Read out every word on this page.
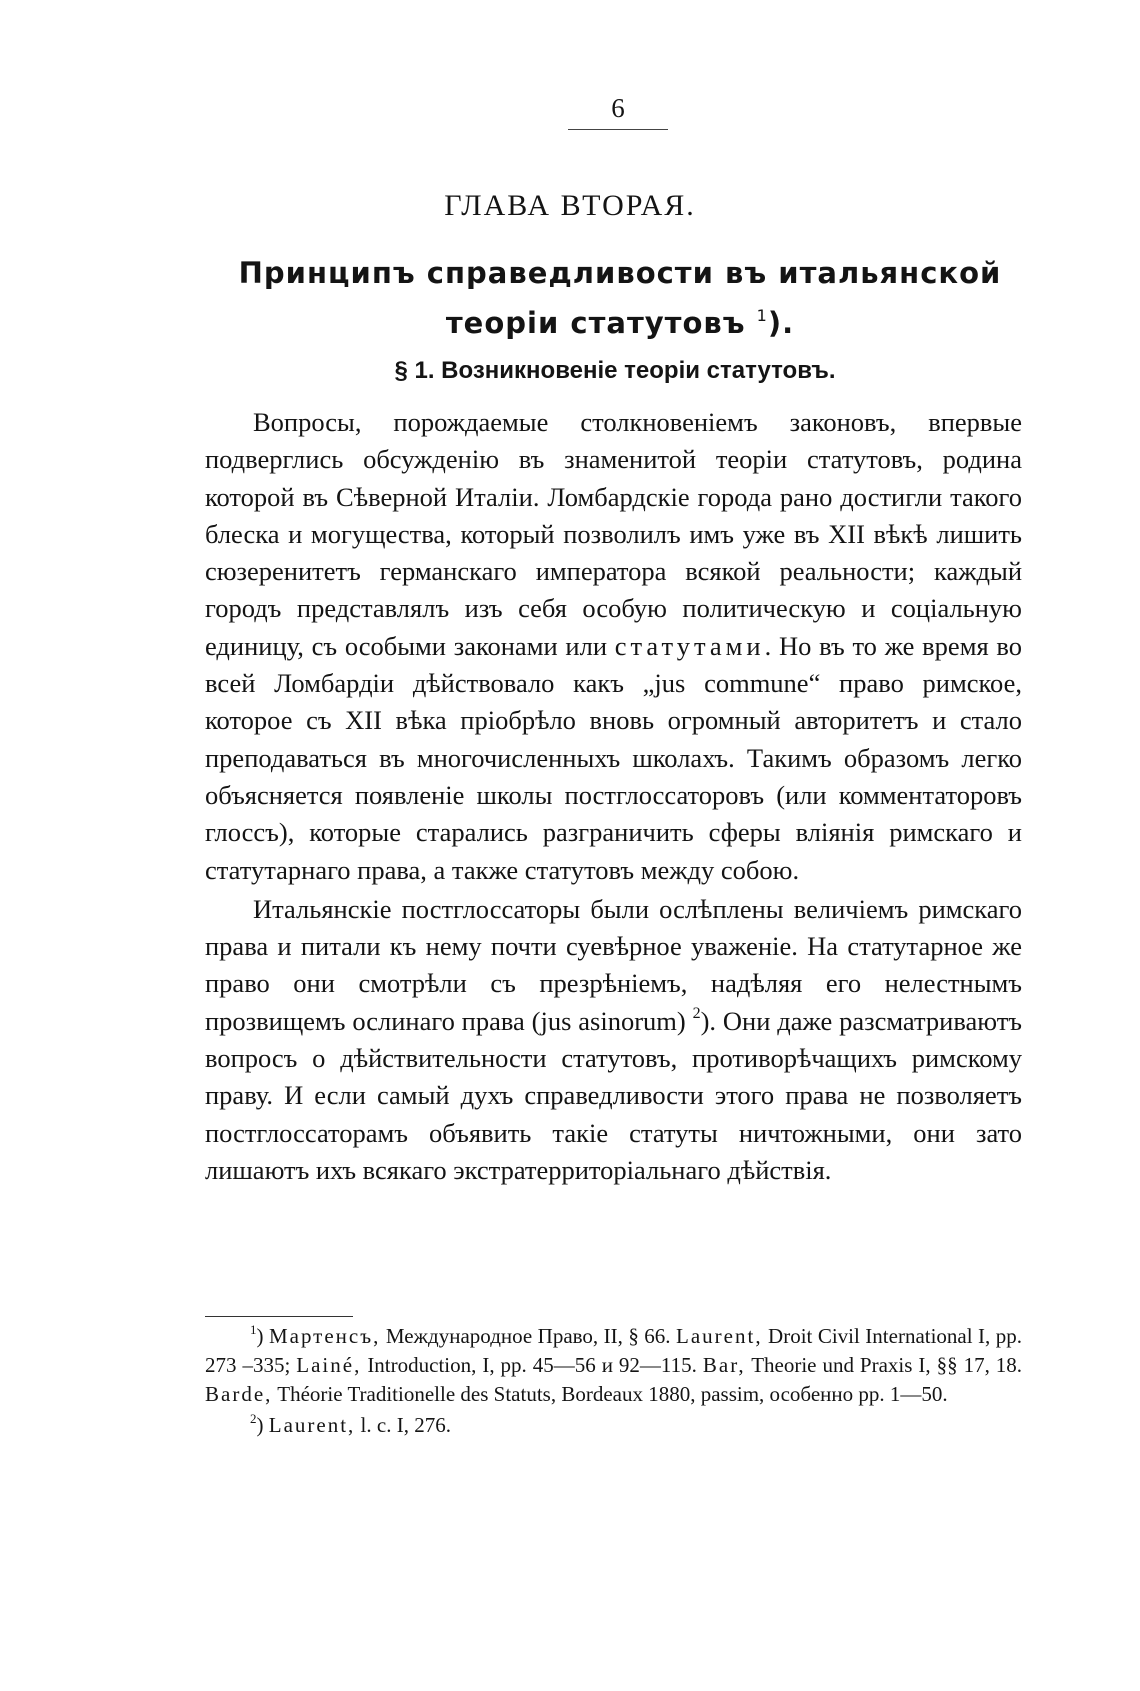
6
ГЛАВА ВТОРАЯ.
Принципъ справедливости въ итальянской
теоріи статутовъ $^1$).
§ 1. Возникновеніе теоріи статутовъ.

Вопросы, порождаемые столкновеніемъ законовъ, впервые подверглись обсужденію въ знаменитой теоріи статутовъ, родина которой въ Сѣверной Италіи. Ломбардскіе города рано достигли такого блеска и могущества, который позволилъ имъ уже въ XII вѣкѣ лишить сюзеренитетъ германскаго императора всякой реальности; каждый городъ представлялъ изъ себя особую политическую и соціальную единицу, съ особыми законами или статутами. Но въ то же время во всей Ломбардіи дѣйствовало какъ „jus commune“ право римское, которое съ XII вѣка пріобрѣло вновь огромный авторитетъ и стало преподаваться въ многочисленныхъ школахъ. Такимъ образомъ легко объясняется появленіе школы постглоссаторовъ (или комментаторовъ глоссъ), которые старались разграничить сферы вліянія римскаго и статутарнаго права, а также статутовъ между собою.

Итальянскіе постглоссаторы были ослѣплены величіемъ римскаго права и питали къ нему почти суевѣрное уваженіе. На статутарное же право они смотрѣли съ презрѣніемъ, надѣляя его нелестнымъ прозвищемъ ослинаго права (jus asinorum) $^2$). Они даже разсматриваютъ вопросъ о дѣйствительности статутовъ, противорѣчащихъ римскому праву. И если самый духъ справедливости этого права не позволяетъ постглоссаторамъ объявить такіе статуты ничтожными, они зато лишаютъ ихъ всякаго экстратерриторіальнаго дѣйствія.

$^1$) Мартенсъ, Международное Право, II, § 66. Laurent, Droit Civil International I, pp. 273 –335; Lainé, Introduction, I, pp. 45—56 и 92—115. Bar, Theorie und Praxis I, §§ 17, 18. Barde, Théorie Traditionelle des Statuts, Bordeaux 1880, passim, особенно pp. 1—50.

$^2$) Laurent, l. c. I, 276.
